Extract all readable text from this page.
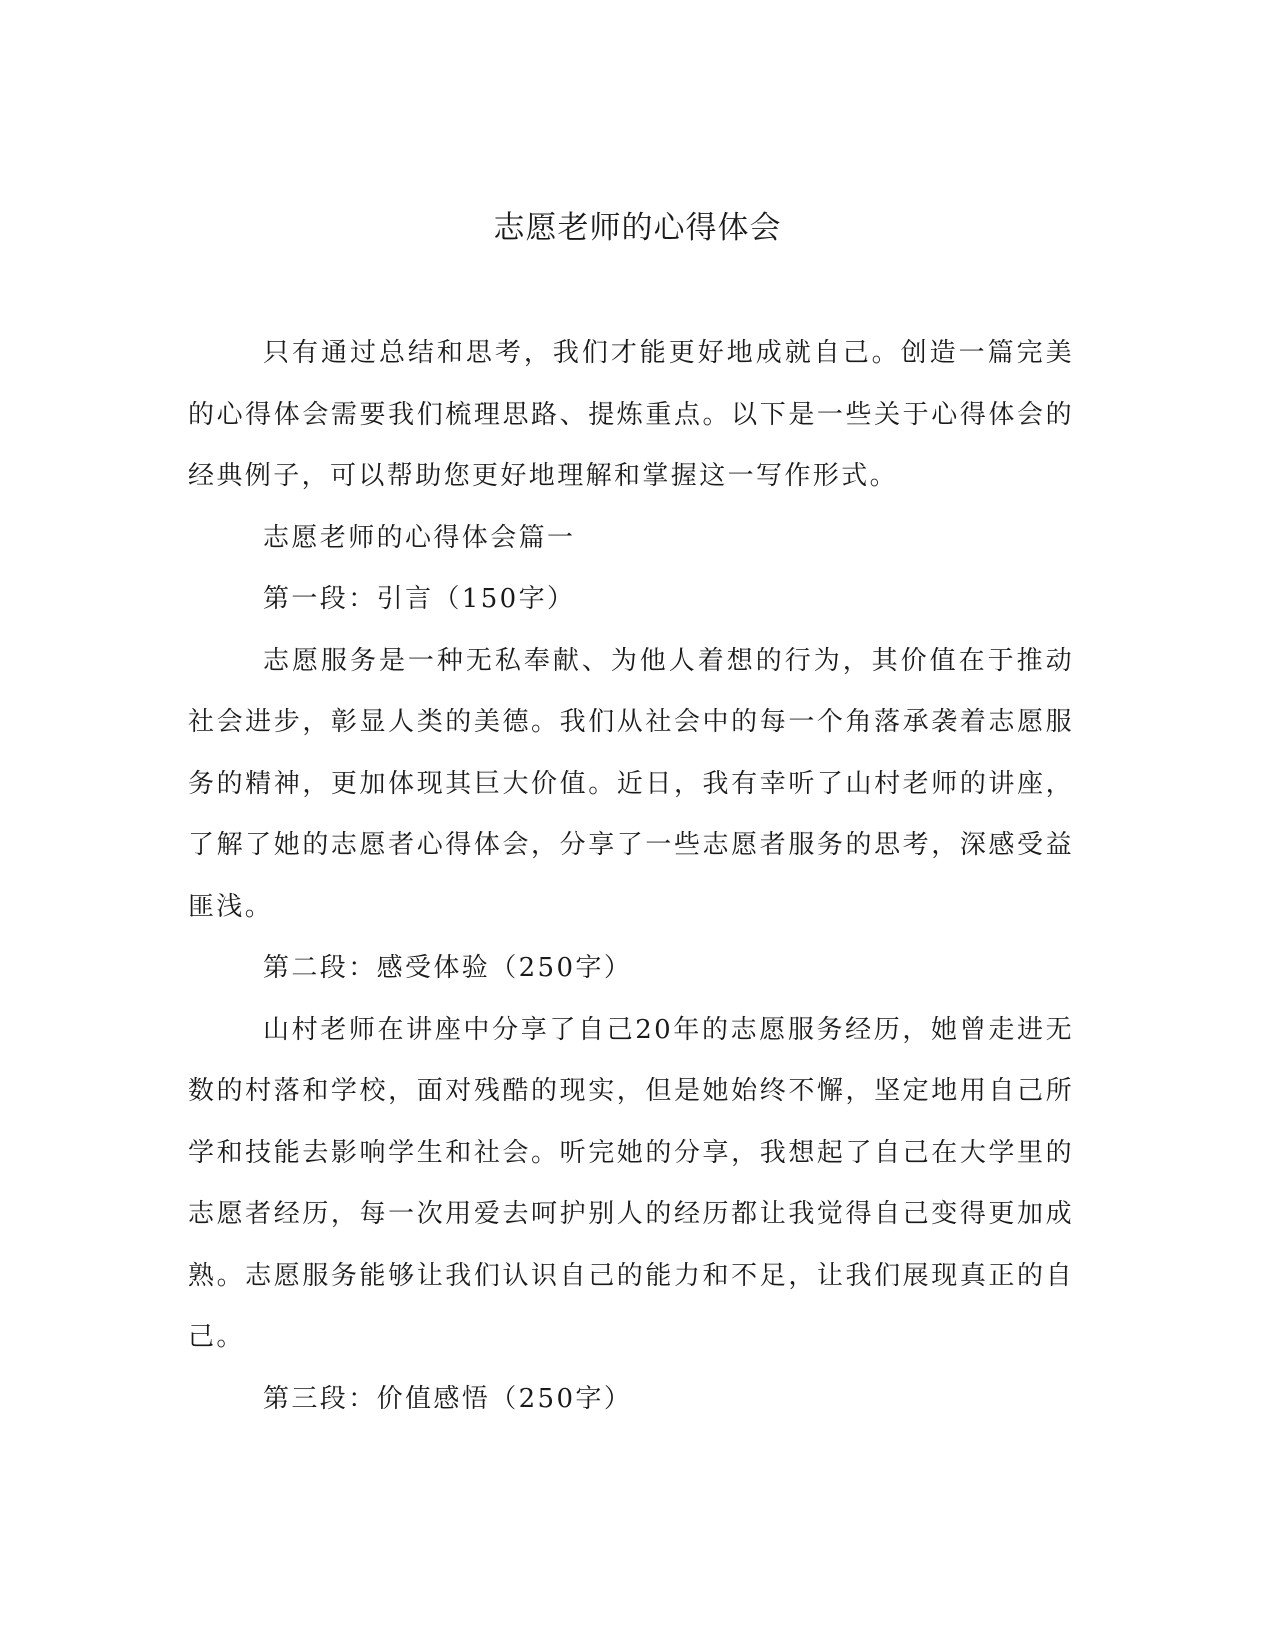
志愿老师的心得体会

只有通过总结和思考，我们才能更好地成就自己。创造一篇完美的心得体会需要我们梳理思路、提炼重点。以下是一些关于心得体会的经典例子，可以帮助您更好地理解和掌握这一写作形式。

志愿老师的心得体会篇一

第一段：引言（150字）

志愿服务是一种无私奉献、为他人着想的行为，其价值在于推动社会进步，彰显人类的美德。我们从社会中的每一个角落承袭着志愿服务的精神，更加体现其巨大价值。近日，我有幸听了山村老师的讲座，了解了她的志愿者心得体会，分享了一些志愿者服务的思考，深感受益匪浅。

第二段：感受体验（250字）

山村老师在讲座中分享了自己20年的志愿服务经历，她曾走进无数的村落和学校，面对残酷的现实，但是她始终不懈，坚定地用自己所学和技能去影响学生和社会。听完她的分享，我想起了自己在大学里的志愿者经历，每一次用爱去呵护别人的经历都让我觉得自己变得更加成熟。志愿服务能够让我们认识自己的能力和不足，让我们展现真正的自己。

第三段：价值感悟（250字）
